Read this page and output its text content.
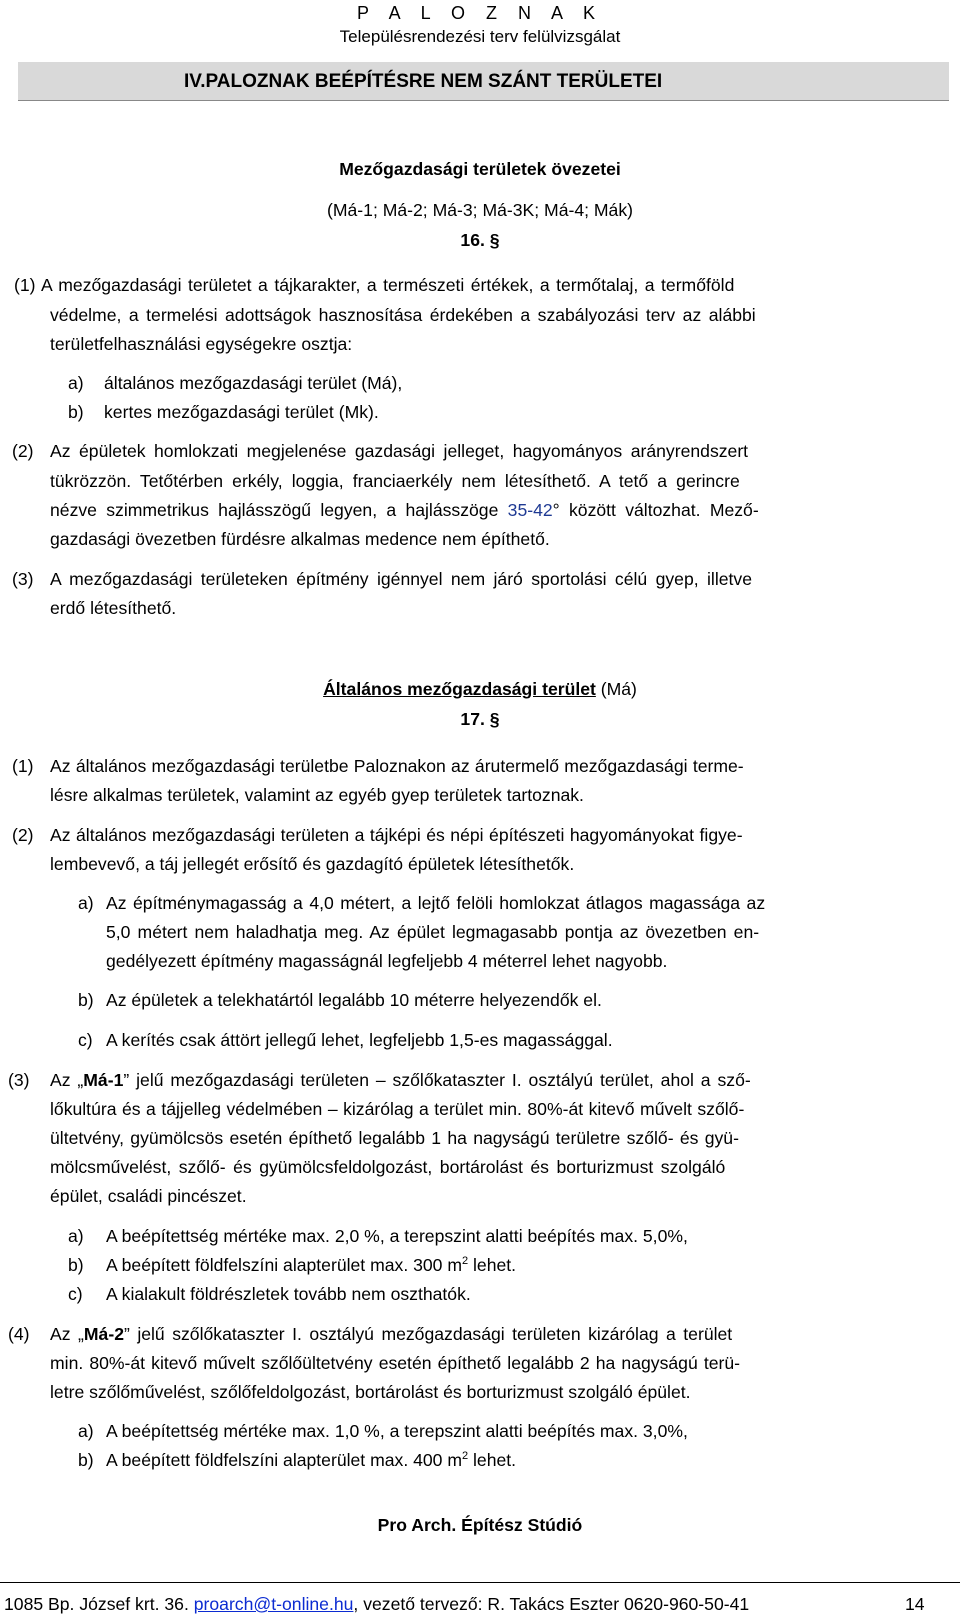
P A L O Z N A K
Településrendezési terv felülvizsgálat
IV.PALOZNAK BEÉPÍTÉSRE NEM SZÁNT TERÜLETEI
Mezőgazdasági területek övezetei
(Má-1; Má-2; Má-3; Má-3K; Má-4; Mák)
16. §
(1) A mezőgazdasági területet a tájkarakter, a természeti értékek, a termőtalaj, a termőföld
védelme, a termelési adottságok hasznosítása érdekében a szabályozási terv az alábbi
területfelhasználási egységekre osztja:
a) általános mezőgazdasági terület (Má),
b) kertes mezőgazdasági terület (Mk).
(2) Az épületek homlokzati megjelenése gazdasági jelleget, hagyományos arányrendszert
tükrözzön. Tetőtérben erkély, loggia, franciaerkély nem létesíthető. A tető a gerincre
nézve szimmetrikus hajlásszögű legyen, a hajlásszöge 35-42° között változhat. Mező-
gazdasági övezetben fürdésre alkalmas medence nem építhető.
(3) A mezőgazdasági területeken építmény igénnyel nem járó sportolási célú gyep, illetve
erdő létesíthető.
Általános mezőgazdasági terület (Má)
17. §
(1) Az általános mezőgazdasági területbe Paloznakon az árutermelő mezőgazdasági terme-
lésre alkalmas területek, valamint az egyéb gyep területek tartoznak.
(2) Az általános mezőgazdasági területen a tájképi és népi építészeti hagyományokat figye-
lembevevő, a táj jellegét erősítő és gazdagító épületek létesíthetők.
a) Az építménymagasság a 4,0 métert, a lejtő felöli homlokzat átlagos magassága az
5,0 métert nem haladhatja meg. Az épület legmagasabb pontja az övezetben en-
gedélyezett építmény magasságnál legfeljebb 4 méterrel lehet nagyobb.
b) Az épületek a telekhatártól legalább 10 méterre helyezendők el.
c) A kerítés csak áttört jellegű lehet, legfeljebb 1,5-es magassággal.
(3) Az „Má-1” jelű mezőgazdasági területen – szőlőkataszter I. osztályú terület, ahol a sző-
lőkultúra és a tájjelleg védelmében – kizárólag a terület min. 80%-át kitevő művelt szőlő-
ültetvény, gyümölcsös esetén építhető legalább 1 ha nagyságú területre szőlő- és gyü-
mölcsművelést, szőlő- és gyümölcsfeldolgozást, bortárolást és borturizmust szolgáló
épület, családi pincészet.
a) A beépítettség mértéke max. 2,0 %, a terepszint alatti beépítés max. 5,0%,
b) A beépített földfelszíni alapterület max. 300 $m^2$ lehet.
c) A kialakult földrészletek tovább nem oszthatók.
(4) Az „Má-2” jelű szőlőkataszter I. osztályú mezőgazdasági területen kizárólag a terület
min. 80%-át kitevő művelt szőlőültetvény esetén építhető legalább 2 ha nagyságú terü-
letre szőlőművelést, szőlőfeldolgozást, bortárolást és borturizmust szolgáló épület.
a) A beépítettség mértéke max. 1,0 %, a terepszint alatti beépítés max. 3,0%,
b) A beépített földfelszíni alapterület max. 400 $m^2$ lehet.
Pro Arch. Építész Stúdió
1085 Bp. József krt. 36. proarch@t-online.hu, vezető tervező: R. Takács Eszter 0620-960-50-41	14
